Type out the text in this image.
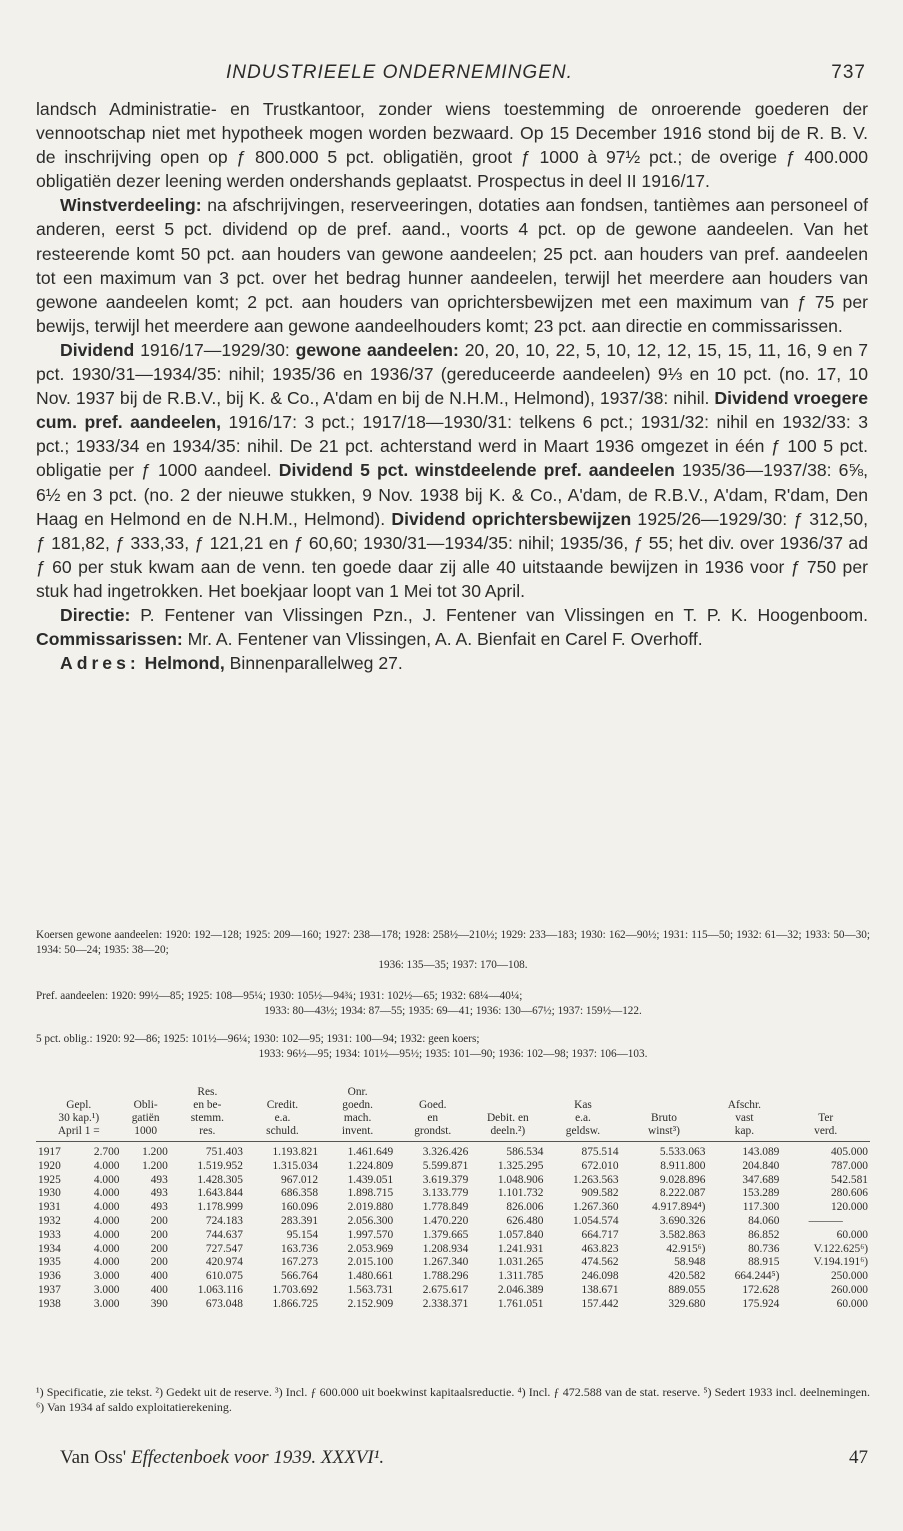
INDUSTRIEELE ONDERNEMINGEN.	737

landsch Administratie- en Trustkantoor, zonder wiens toestemming de onroerende goederen der vennootschap niet met hypotheek mogen worden bezwaard. Op 15 December 1916 stond bij de R. B. V. de inschrijving open op ƒ 800.000 5 pct. obligatiën, groot ƒ 1000 à 97½ pct.; de overige ƒ 400.000 obligatiën dezer leening werden ondershands geplaatst. Prospectus in deel II 1916/17.

Winstverdeeling: na afschrijvingen, reserveeringen, dotaties aan fondsen, tantièmes aan personeel of anderen, eerst 5 pct. dividend op de pref. aand., voorts 4 pct. op de gewone aandeelen. Van het resteerende komt 50 pct. aan houders van gewone aandeelen; 25 pct. aan houders van pref. aandeelen tot een maximum van 3 pct. over het bedrag hunner aandeelen, terwijl het meerdere aan houders van gewone aandeelen komt; 2 pct. aan houders van oprichtersbewijzen met een maximum van ƒ 75 per bewijs, terwijl het meerdere aan gewone aandeelhouders komt; 23 pct. aan directie en commissarissen.

Dividend 1916/17—1929/30: gewone aandeelen: 20, 20, 10, 22, 5, 10, 12, 12, 15, 15, 11, 16, 9 en 7 pct. 1930/31—1934/35: nihil; 1935/36 en 1936/37 (gereduceerde aandeelen) 9⅓ en 10 pct. (no. 17, 10 Nov. 1937 bij de R.B.V., bij K. & Co., A'dam en bij de N.H.M., Helmond), 1937/38: nihil. Dividend vroegere cum. pref. aandeelen, 1916/17: 3 pct.; 1917/18—1930/31: telkens 6 pct.; 1931/32: nihil en 1932/33: 3 pct.; 1933/34 en 1934/35: nihil. De 21 pct. achterstand werd in Maart 1936 omgezet in één ƒ 100 5 pct. obligatie per ƒ 1000 aandeel. Dividend 5 pct. winstdeelende pref. aandeelen 1935/36—1937/38: 6⅝, 6½ en 3 pct. (no. 2 der nieuwe stukken, 9 Nov. 1938 bij K. & Co., A'dam, de R.B.V., A'dam, R'dam, Den Haag en Helmond en de N.H.M., Helmond). Dividend oprichtersbewijzen 1925/26—1929/30: ƒ 312,50, ƒ 181,82, ƒ 333,33, ƒ 121,21 en ƒ 60,60; 1930/31—1934/35: nihil; 1935/36, ƒ 55; het div. over 1936/37 ad ƒ 60 per stuk kwam aan de venn. ten goede daar zij alle 40 uitstaande bewijzen in 1936 voor ƒ 750 per stuk had ingetrokken. Het boekjaar loopt van 1 Mei tot 30 April.

Directie: P. Fentener van Vlissingen Pzn., J. Fentener van Vlissingen en T. P. K. Hoogenboom. Commissarissen: Mr. A. Fentener van Vlissingen, A. A. Bienfait en Carel F. Overhoff.

Adres: Helmond, Binnenparallelweg 27.

Koersen gewone aandeelen: 1920: 192—128; 1925: 209—160; 1927: 238—178; 1928: 258½—210½; 1929: 233—183; 1930: 162—90½; 1931: 115—50; 1932: 61—32; 1933: 50—30; 1934: 50—24; 1935: 38—20;

1936: 135—35; 1937: 170—108.

Pref. aandeelen: 1920: 99½—85; 1925: 108—95¼; 1930: 105½—94¾; 1931: 102½—65; 1932: 68¼—40¼;

1933: 80—43½; 1934: 87—55; 1935: 69—41; 1936: 130—67½; 1937: 159½—122.

5 pct. oblig.: 1920: 92—86; 1925: 101½—96¼; 1930: 102—95; 1931: 100—94; 1932: geen koers;

1933: 96½—95; 1934: 101½—95½; 1935: 101—90; 1936: 102—98; 1937: 106—103.

Gepl.
30 kap.¹)
April 1 =		Obli-
gatiën
1000	Res.
en be-
stemm.
res.	Credit.
e.a.
schuld.	Onr.
goedn.
mach.
invent.	Goed.
en
grondst.	Debit. en
deeln.²)	Kas
e.a.
geldsw.	Bruto
winst³)	Afschr.
vast
kap.	Ter
verd.

1917	2.700	1.200	751.403	1.193.821	1.461.649	3.326.426	586.534	875.514	5.533.063	143.089	405.000
1920	4.000	1.200	1.519.952	1.315.034	1.224.809	5.599.871	1.325.295	672.010	8.911.800	204.840	787.000
1925	4.000	493	1.428.305	967.012	1.439.051	3.619.379	1.048.906	1.263.563	9.028.896	347.689	542.581
1930	4.000	493	1.643.844	686.358	1.898.715	3.133.779	1.101.732	909.582	8.222.087	153.289	280.606
1931	4.000	493	1.178.999	160.096	2.019.880	1.778.849	826.006	1.267.360	4.917.894⁴)	117.300	120.000
1932	4.000	200	724.183	283.391	2.056.300	1.470.220	626.480	1.054.574	3.690.326	84.060	———
1933	4.000	200	744.637	95.154	1.997.570	1.379.665	1.057.840	664.717	3.582.863	86.852	60.000
1934	4.000	200	727.547	163.736	2.053.969	1.208.934	1.241.931	463.823	42.915⁶)	80.736	V.122.625⁶)
1935	4.000	200	420.974	167.273	2.015.100	1.267.340	1.031.265	474.562	58.948	88.915	V.194.191⁶)
1936	3.000	400	610.075	566.764	1.480.661	1.788.296	1.311.785	246.098	420.582	664.244⁵)	250.000
1937	3.000	400	1.063.116	1.703.692	1.563.731	2.675.617	2.046.389	138.671	889.055	172.628	260.000
1938	3.000	390	673.048	1.866.725	2.152.909	2.338.371	1.761.051	157.442	329.680	175.924	60.000
¹) Specificatie, zie tekst. ²) Gedekt uit de reserve. ³) Incl. ƒ 600.000 uit boekwinst kapitaalsreductie. ⁴) Incl. ƒ 472.588 van de stat. reserve. ⁵) Sedert 1933 incl. deelnemingen. ⁶) Van 1934 af saldo exploitatierekening.
Van Oss' Effectenboek voor 1939. XXXVI¹.	47
